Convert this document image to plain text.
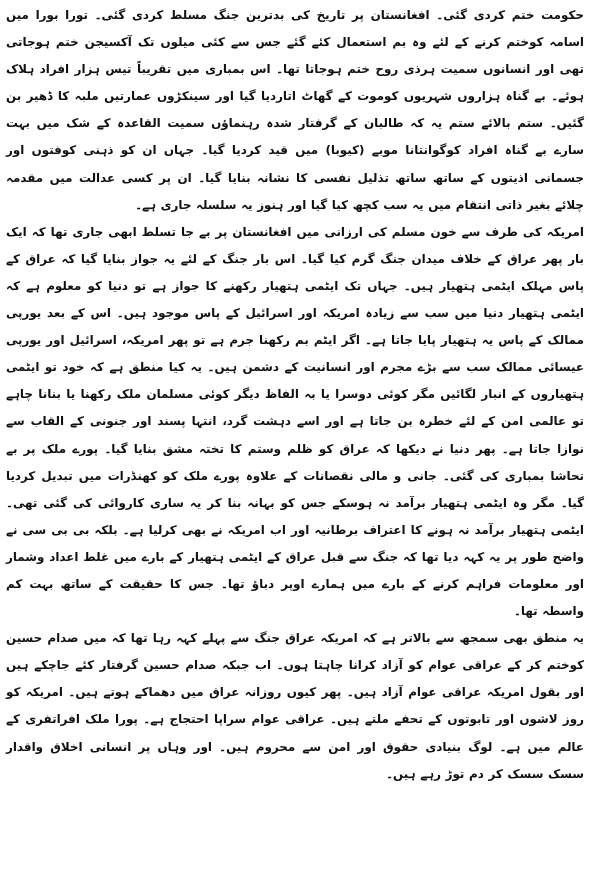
حکومت ختم کردی گئی۔ افغانستان پر تاریخ کی بدترین جنگ مسلط کردی گئی۔ تورا بورا میں اسامہ کوختم کرنے کے لئے وہ بم استعمال کئے گئے جس سے کئی میلوں تک آکسیجن ختم ہوجاتی تھی اور انسانوں سمیت ہرذی روح ختم ہوجاتا تھا۔ اس بمباری میں تقریباً تیس ہزار افراد ہلاک ہوئے۔ بے گناہ ہزاروں شہریوں کوموت کے گھاٹ اتاردیا گیا اور سینکڑوں عمارتیں ملبہ کا ڈھیر بن گئیں۔ ستم بالائے ستم یہ کہ طالبان کے گرفتار شدہ رہنماؤں سمیت القاعدہ کے شک میں بہت سارے بے گناہ افراد کوگوانتانا موبے (کیوبا) میں قید کردیا گیا۔ جہاں ان کو ذہنی کوفتوں اور جسمانی اذیتوں کے ساتھ ساتھ تذلیل نفسی کا نشانہ بنایا گیا۔ ان پر کسی عدالت میں مقدمہ چلائے بغیر ذاتی انتقام میں یہ سب کچھ کیا گیا اور ہنوز یہ سلسلہ جاری ہے۔

امریکہ کی طرف سے خون مسلم کی ارزانی میں افغانستان پر بے جا تسلط ابھی جاری تھا کہ ایک بار پھر عراق کے خلاف میدان جنگ گرم کیا گیا۔ اس بار جنگ کے لئے یہ جواز بنایا گیا کہ عراق کے پاس مہلک ایٹمی ہتھیار ہیں۔ جہاں تک ایٹمی ہتھیار رکھنے کا جواز ہے تو دنیا کو معلوم ہے کہ ایٹمی ہتھیار دنیا میں سب سے زیادہ امریکہ اور اسرائیل کے پاس موجود ہیں۔ اس کے بعد یورپی ممالک کے پاس یہ ہتھیار پایا جاتا ہے۔ اگر ایٹم بم رکھنا جرم ہے تو پھر امریکہ، اسرائیل اور یورپی عیسائی ممالک سب سے بڑے مجرم اور انسانیت کے دشمن ہیں۔ یہ کیا منطق ہے کہ خود تو ایٹمی ہتھیاروں کے انبار لگائیں مگر کوئی دوسرا یا بہ الفاظ دیگر کوئی مسلمان ملک رکھنا یا بنانا چاہے تو عالمی امن کے لئے خطرہ بن جاتا ہے اور اسے دہشت گرد، انتہا پسند اور جنونی کے القاب سے نوازا جاتا ہے۔ پھر دنیا نے دیکھا کہ عراق کو ظلم وستم کا تختہ مشق بنایا گیا۔ پورے ملک پر بے تحاشا بمباری کی گئی۔ جانی و مالی نقصانات کے علاوہ پورے ملک کو کھنڈرات میں تبدیل کردیا گیا۔ مگر وہ ایٹمی ہتھیار برآمد نہ ہوسکے جس کو بہانہ بنا کر یہ ساری کاروائی کی گئی تھی۔ ایٹمی ہتھیار برآمد نہ ہونے کا اعتراف برطانیہ اور اب امریکہ نے بھی کرلیا ہے۔ بلکہ بی بی سی نے واضح طور پر یہ کہہ دیا تھا کہ جنگ سے قبل عراق کے ایٹمی ہتھیار کے بارے میں غلط اعداد وشمار اور معلومات فراہم کرنے کے بارے میں ہمارے اوپر دباؤ تھا۔ جس کا حقیقت کے ساتھ بہت کم واسطہ تھا۔

یہ منطق بھی سمجھ سے بالاتر ہے کہ امریکہ عراق جنگ سے پہلے کہہ رہا تھا کہ میں صدام حسین کوختم کر کے عراقی عوام کو آزاد کرانا چاہتا ہوں۔ اب جبکہ صدام حسین گرفتار کئے جاچکے ہیں اور بقول امریکہ عراقی عوام آزاد ہیں۔ پھر کیوں روزانہ عراق میں دھماکے ہوتے ہیں۔ امریکہ کو روز لاشوں اور تابوتوں کے تحفے ملتے ہیں۔ عراقی عوام سراپا احتجاج ہے۔ پورا ملک افراتفری کے عالم میں ہے۔ لوگ بنیادی حقوق اور امن سے محروم ہیں۔ اور وہاں پر انسانی اخلاق واقدار سسک سسک کر دم توڑ رہے ہیں۔
